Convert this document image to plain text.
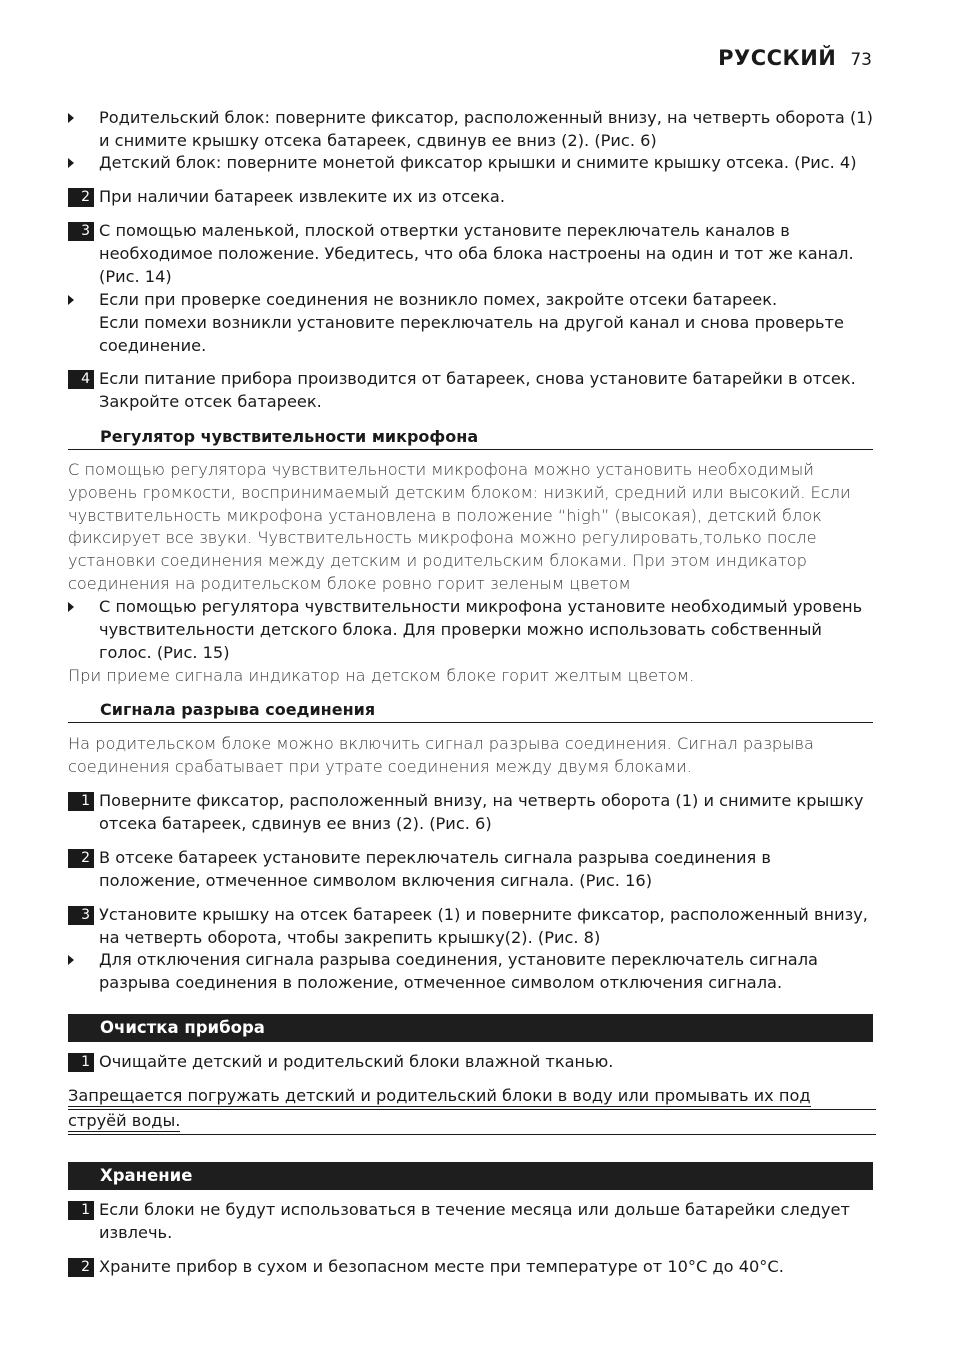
РУССКИЙ 73
Родительский блок: поверните фиксатор, расположенный внизу, на четверть оборота (1) и снимите крышку отсека батареек, сдвинув ее вниз (2). (Рис. 6)
Детский блок: поверните монетой фиксатор крышки и снимите крышку отсека. (Рис. 4)
2 При наличии батареек извлеките их из отсека.
3 С помощью маленькой, плоской отвертки установите переключатель каналов в необходимое положение. Убедитесь, что оба блока настроены на один и тот же канал. (Рис. 14)
Если при проверке соединения не возникло помех, закройте отсеки батареек.
Если помехи возникли установите переключатель на другой канал и снова проверьте соединение.
4 Если питание прибора производится от батареек, снова установите батарейки в отсек. Закройте отсек батареек.
Регулятор чувствительности микрофона
С помощью регулятора чувствительности микрофона можно установить необходимый уровень громкости, воспринимаемый детским блоком: низкий, средний или высокий. Если чувствительность микрофона установлена в положение “high” (высокая), детский блок фиксирует все звуки. Чувствительность микрофона можно регулировать,только после установки соединения между детским и родительским блоками. При этом индикатор соединения на родительском блоке ровно горит зеленым цветом
С помощью регулятора чувствительности микрофона установите необходимый уровень чувствительности детского блока. Для проверки можно использовать собственный голос. (Рис. 15)
При приеме сигнала индикатор на детском блоке горит желтым цветом.
Сигнала разрыва соединения
На родительском блоке можно включить сигнал разрыва соединения. Сигнал разрыва соединения срабатывает при утрате соединения между двумя блоками.
1 Поверните фиксатор, расположенный внизу, на четверть оборота (1) и снимите крышку отсека батареек, сдвинув ее вниз (2). (Рис. 6)
2 В отсеке батареек установите переключатель сигнала разрыва соединения в положение, отмеченное символом включения сигнала. (Рис. 16)
3 Установите крышку на отсек батареек (1) и поверните фиксатор, расположенный внизу, на четверть оборота, чтобы закрепить крышку(2). (Рис. 8)
Для отключения сигнала разрыва соединения, установите переключатель сигнала разрыва соединения в положение, отмеченное символом отключения сигнала.
Очистка прибора
1 Очищайте детский и родительский блоки влажной тканью.
Запрещается погружать детский и родительский блоки в воду или промывать их под
струёй воды.
Хранение
1 Если блоки не будут использоваться в течение месяца или дольше батарейки следует извлечь.
2 Храните прибор в сухом и безопасном месте при температуре от 10°C до 40°C.
